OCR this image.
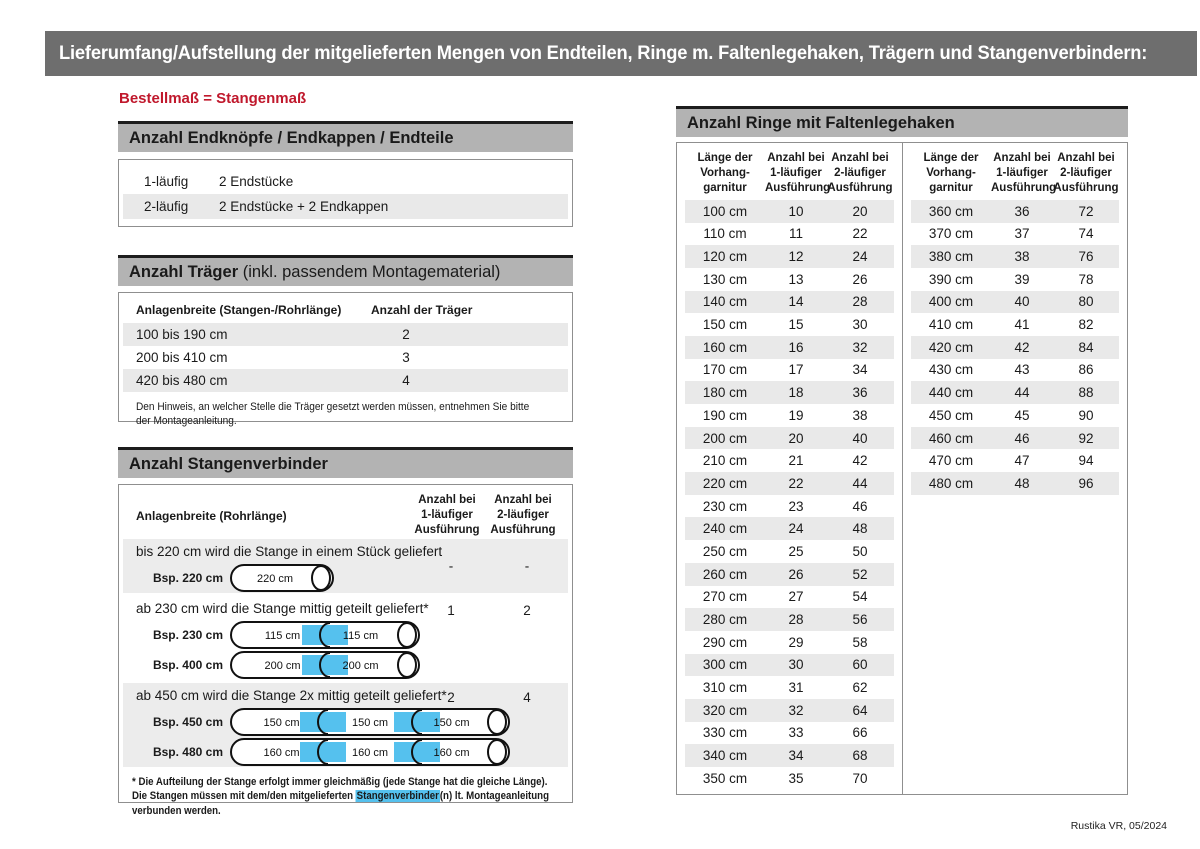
Lieferumfang/Aufstellung der mitgelieferten Mengen von Endteilen, Ringe m. Faltenlegehaken, Trägern und Stangenverbindern:
Bestellmaß = Stangenmaß
Anzahl Endknöpfe / Endkappen / Endteile
1-läufig	2 Endstücke
2-läufig	2 Endstücke + 2 Endkappen
Anzahl Träger (inkl. passendem Montagematerial)
Anlagenbreite (Stangen-/Rohrlänge) Anzahl der Träger
100 bis 190 cm	2
200 bis 410 cm	3
420 bis 480 cm	4
Den Hinweis, an welcher Stelle die Träger gesetzt werden müssen, entnehmen Sie bitte der Montageanleitung.
Anzahl Stangenverbinder
Anlagenbreite (Rohrlänge)
Anzahl bei
1-läufiger
Ausführung
Anzahl bei
2-läufiger
Ausführung
bis 220 cm wird die Stange in einem Stück geliefert
-	-
Bsp. 220 cm	220 cm
ab 230 cm wird die Stange mittig geteilt geliefert*	1	2
Bsp. 230 cm	115 cm	115 cm
Bsp. 400 cm	200 cm	200 cm
ab 450 cm wird die Stange 2x mittig geteilt geliefert* 2	4
Bsp. 450 cm	150 cm	150 cm	150 cm
Bsp. 480 cm	160 cm	160 cm	160 cm
* Die Aufteilung der Stange erfolgt immer gleichmäßig (jede Stange hat die gleiche Länge). Die Stangen müssen mit dem/den mitgelieferten Stangenverbinder(n) lt. Montageanleitung verbunden werden.
Anzahl Ringe mit Faltenlegehaken
Länge der
Vorhang-
garnitur
Anzahl bei
1-läufiger
Ausführung
Anzahl bei
2-läufiger
Ausführung
100 cm	10	20
110 cm	11	22
120 cm	12	24
130 cm	13	26
140 cm	14	28
150 cm	15	30
160 cm	16	32
170 cm	17	34
180 cm	18	36
190 cm	19	38
200 cm	20	40
210 cm	21	42
220 cm	22	44
230 cm	23	46
240 cm	24	48
250 cm	25	50
260 cm	26	52
270 cm	27	54
280 cm	28	56
290 cm	29	58
300 cm	30	60
310 cm	31	62
320 cm	32	64
330 cm	33	66
340 cm	34	68
350 cm	35	70
Länge der
Vorhang-
garnitur
Anzahl bei
1-läufiger
Ausführung
Anzahl bei
2-läufiger
Ausführung
360 cm	36	72
370 cm	37	74
380 cm	38	76
390 cm	39	78
400 cm	40	80
410 cm	41	82
420 cm	42	84
430 cm	43	86
440 cm	44	88
450 cm	45	90
460 cm	46	92
470 cm	47	94
480 cm	48	96
Rustika VR, 05/2024
